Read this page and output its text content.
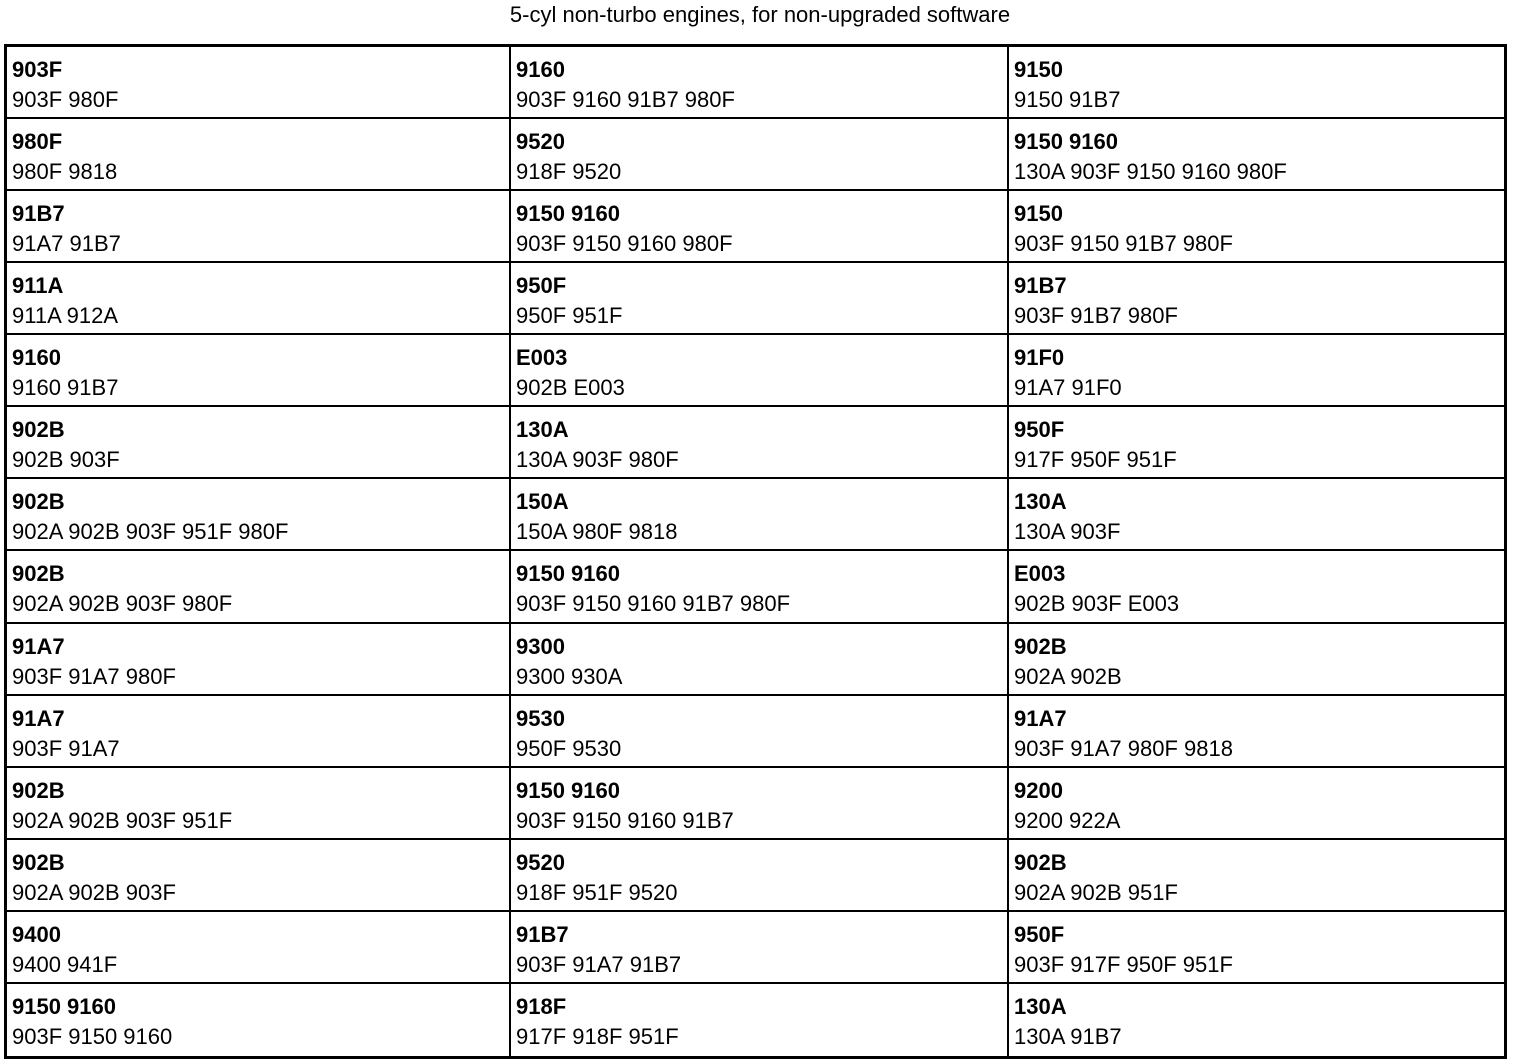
5-cyl non-turbo engines, for non-upgraded software
903F
903F 980F
9160
903F 9160 91B7 980F
9150
9150 91B7
980F
980F 9818
9520
918F 9520
9150 9160
130A 903F 9150 9160 980F
91B7
91A7 91B7
9150 9160
903F 9150 9160 980F
9150
903F 9150 91B7 980F
911A
911A 912A
950F
950F 951F
91B7
903F 91B7 980F
9160
9160 91B7
E003
902B E003
91F0
91A7 91F0
902B
902B 903F
130A
130A 903F 980F
950F
917F 950F 951F
902B
902A 902B 903F 951F 980F
150A
150A 980F 9818
130A
130A 903F
902B
902A 902B 903F 980F
9150 9160
903F 9150 9160 91B7 980F
E003
902B 903F E003
91A7
903F 91A7 980F
9300
9300 930A
902B
902A 902B
91A7
903F 91A7
9530
950F 9530
91A7
903F 91A7 980F 9818
902B
902A 902B 903F 951F
9150 9160
903F 9150 9160 91B7
9200
9200 922A
902B
902A 902B 903F
9520
918F 951F 9520
902B
902A 902B 951F
9400
9400 941F
91B7
903F 91A7 91B7
950F
903F 917F 950F 951F
9150 9160
903F 9150 9160
918F
917F 918F 951F
130A
130A 91B7
